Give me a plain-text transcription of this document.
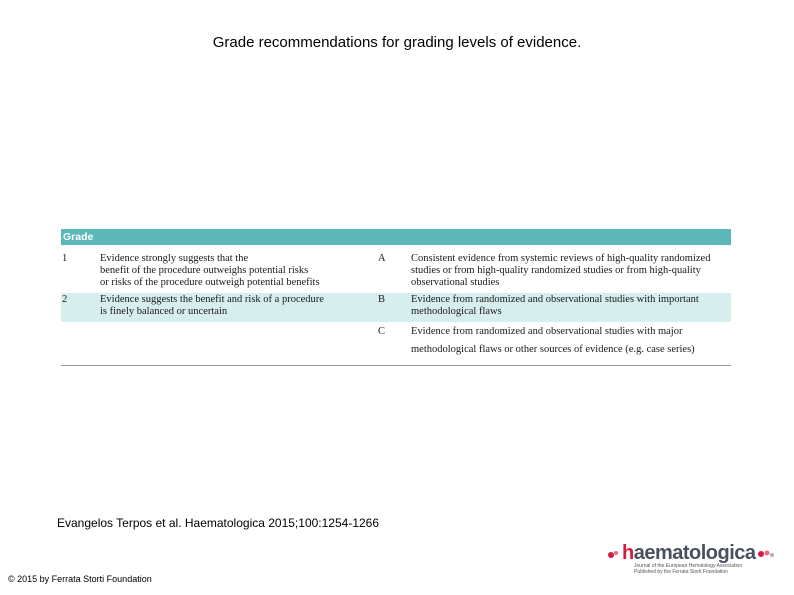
Grade recommendations for grading levels of evidence.
Grade
1	Evidence strongly suggests that the
benefit of the procedure outweighs potential risks
or risks of the procedure outweigh potential benefits
A Consistent evidence from systemic reviews of high-quality randomized
studies or from high-quality randomized studies or from high-quality
observational studies
2	Evidence suggests the benefit and risk of a procedure
is finely balanced or uncertain
B Evidence from randomized and observational studies with important
methodological flaws
C Evidence from randomized and observational studies with major
methodological flaws or other sources of evidence (e.g. case series)
Evangelos Terpos et al. Haematologica 2015;100:1254-1266
© 2015 by Ferrata Storti Foundation
haematologica
Journal of the European Hematology Association
Published by the Ferrata Storti Foundation
